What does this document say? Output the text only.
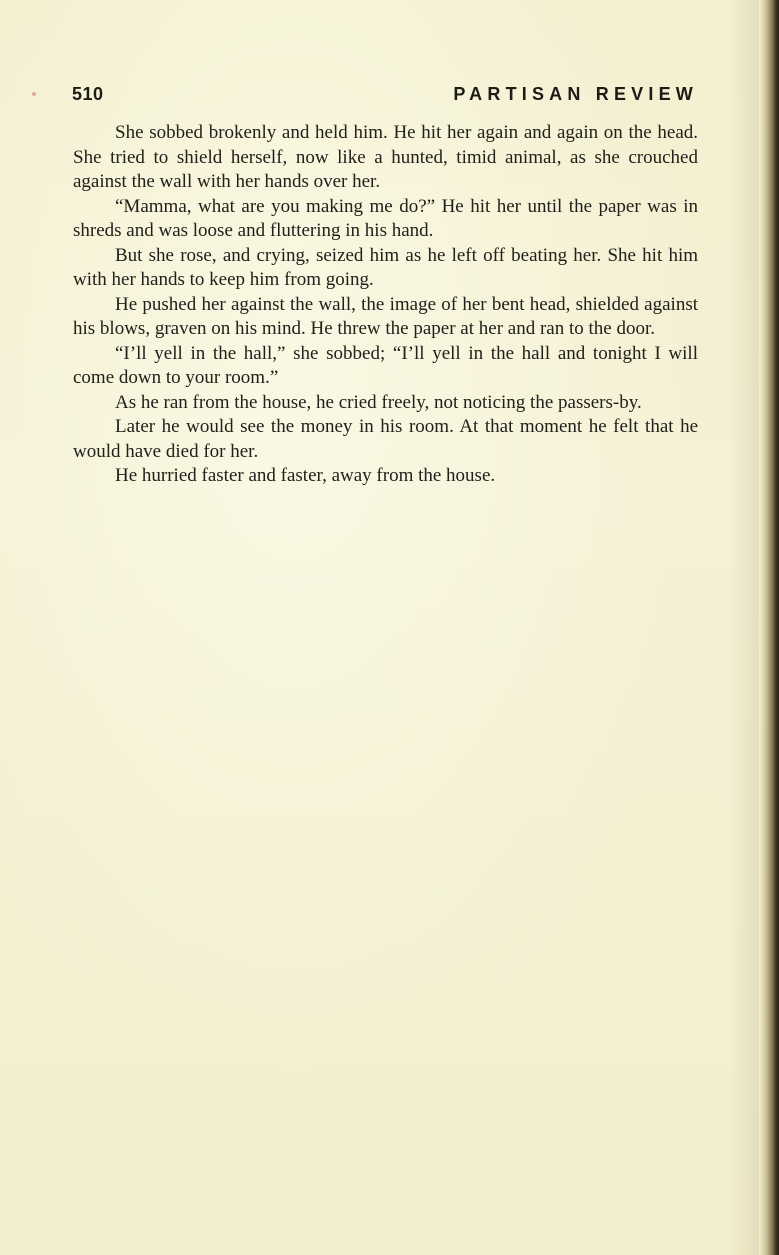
510	PARTISAN REVIEW

She sobbed brokenly and held him. He hit her again and again on the head. She tried to shield herself, now like a hunted, timid animal, as she crouched against the wall with her hands over her.

“Mamma, what are you making me do?” He hit her until the paper was in shreds and was loose and fluttering in his hand.

But she rose, and crying, seized him as he left off beating her. She hit him with her hands to keep him from going.

He pushed her against the wall, the image of her bent head, shielded against his blows, graven on his mind. He threw the paper at her and ran to the door.

“I’ll yell in the hall,” she sobbed; “I’ll yell in the hall and tonight I will come down to your room.”

As he ran from the house, he cried freely, not noticing the passers-by.

Later he would see the money in his room. At that moment he felt that he would have died for her.

He hurried faster and faster, away from the house.
